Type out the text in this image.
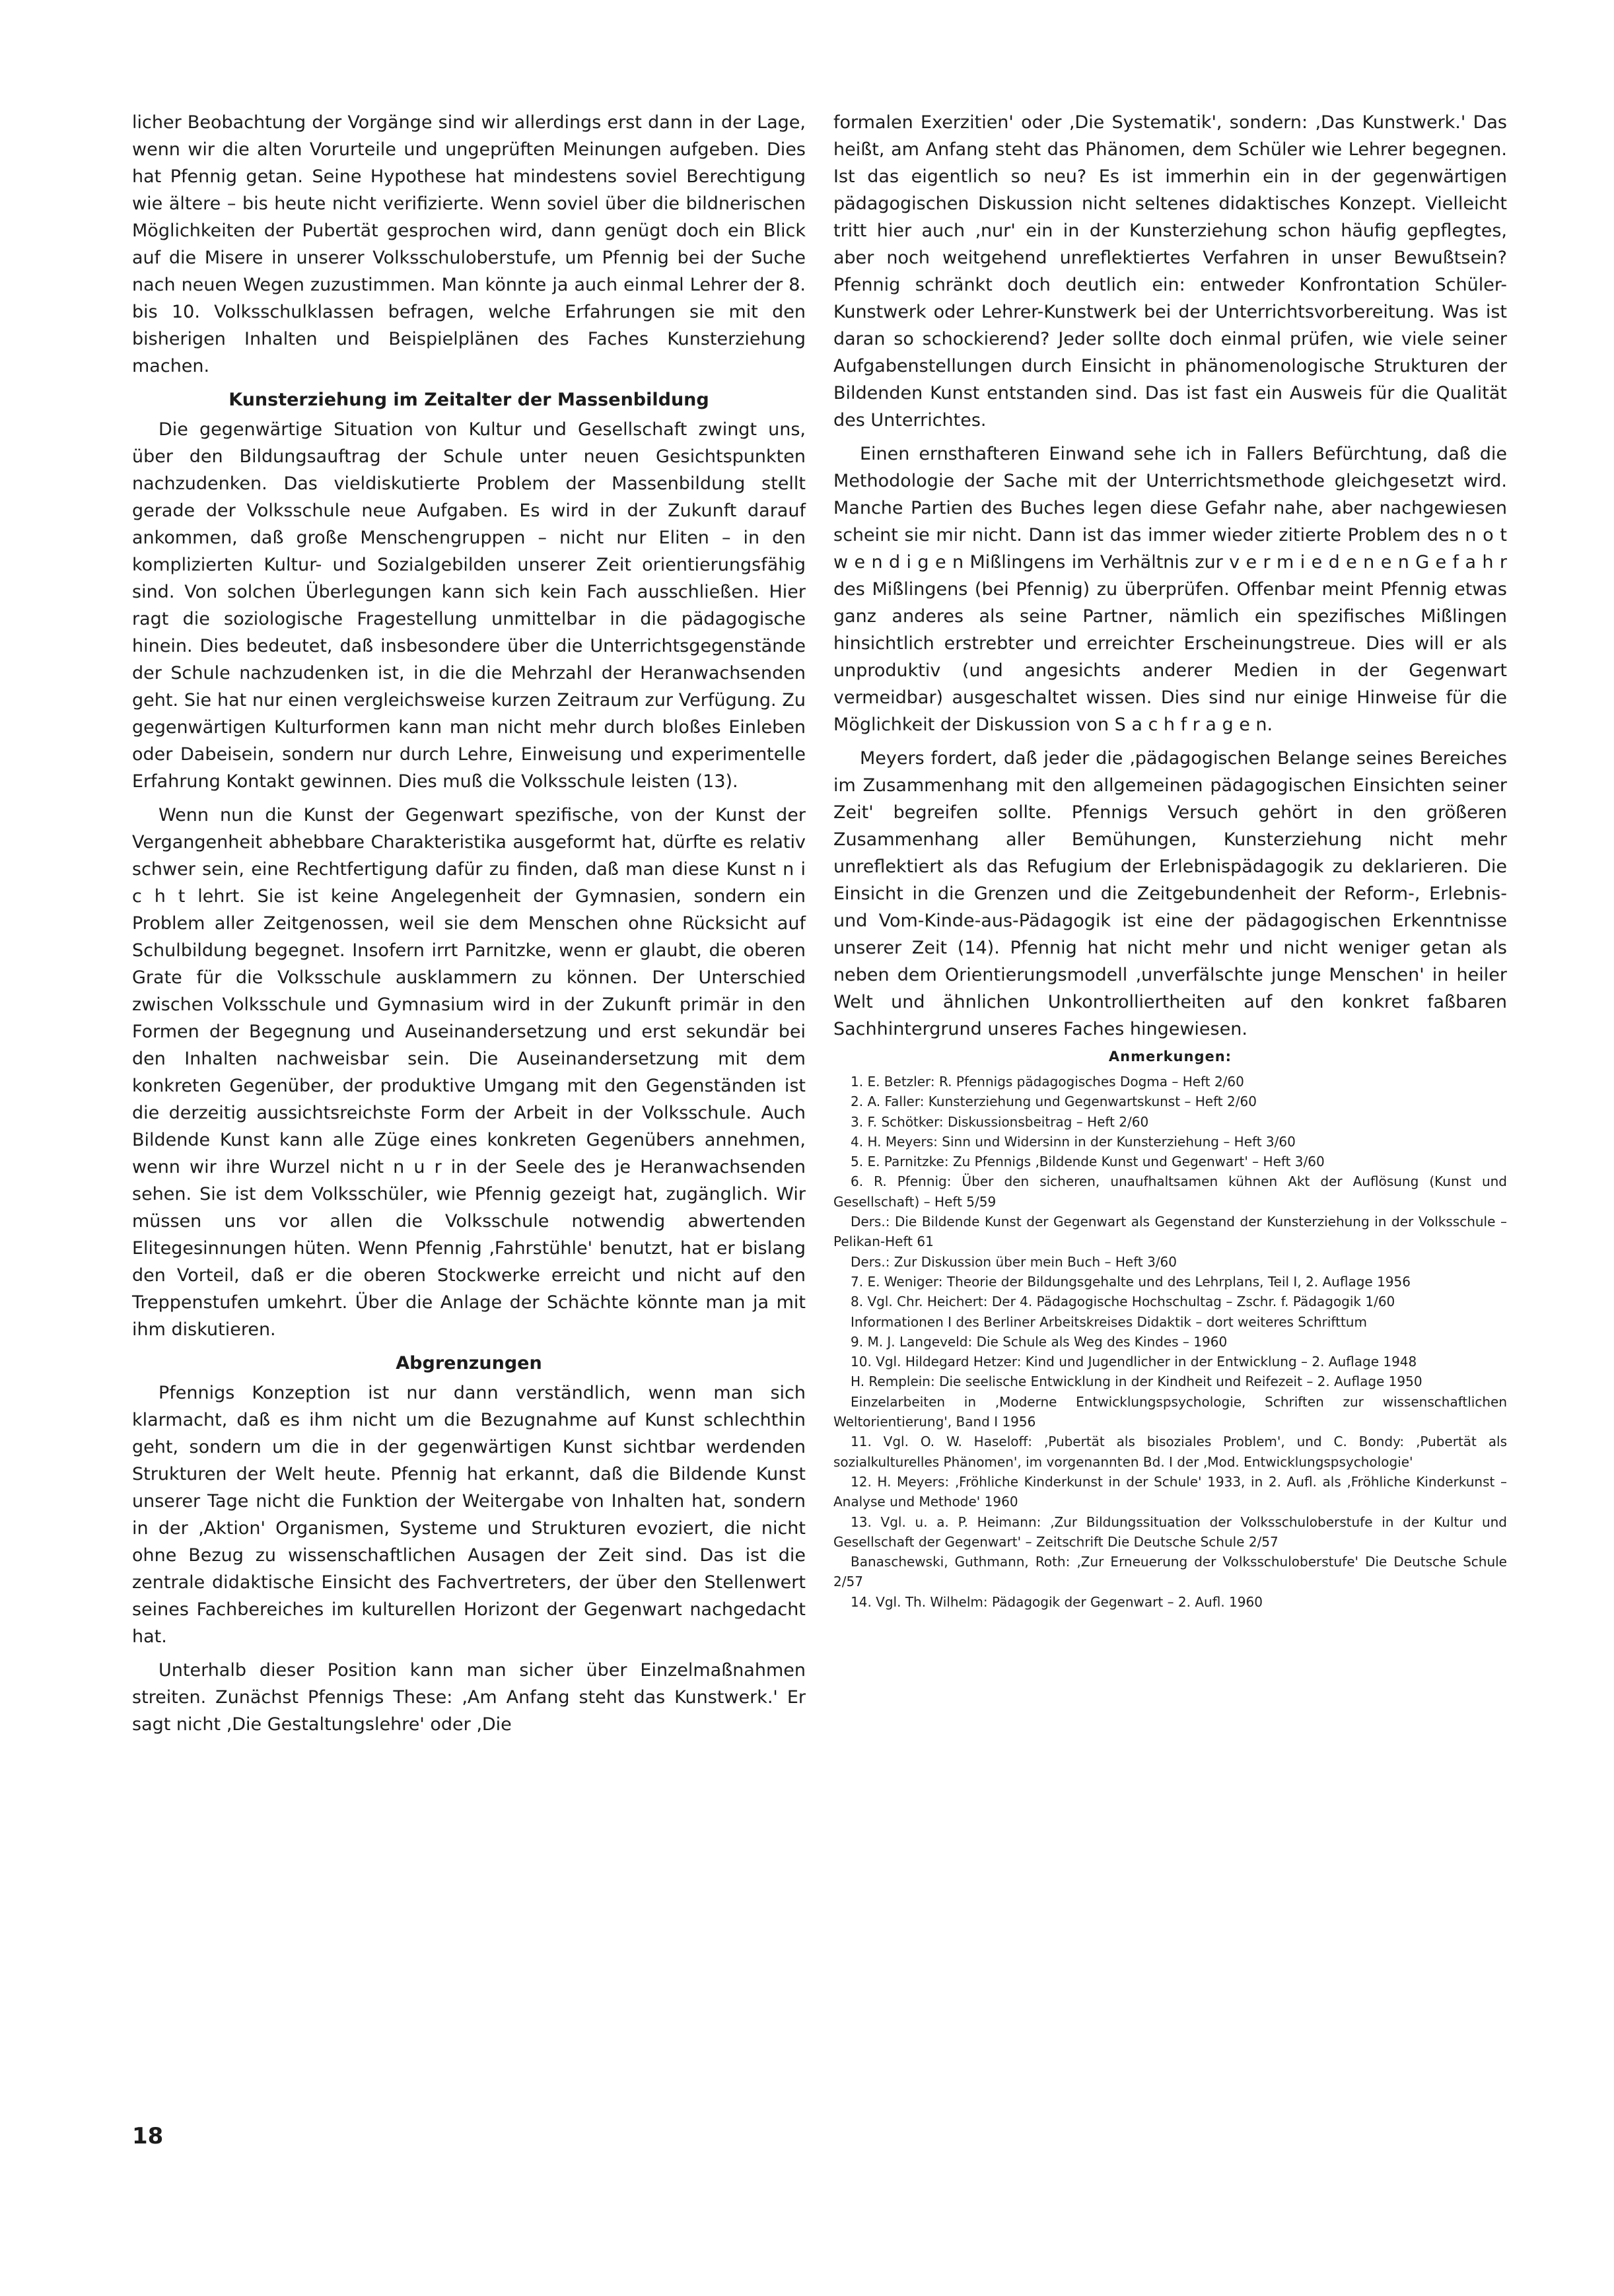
licher Beobachtung der Vorgänge sind wir allerdings erst dann in der Lage, wenn wir die alten Vorurteile und ungeprüften Meinungen aufgeben. Dies hat Pfennig getan. Seine Hypothese hat mindestens soviel Berechtigung wie ältere – bis heute nicht verifizierte. Wenn soviel über die bildnerischen Möglichkeiten der Pubertät gesprochen wird, dann genügt doch ein Blick auf die Misere in unserer Volksschuloberstufe, um Pfennig bei der Suche nach neuen Wegen zuzustimmen. Man könnte ja auch einmal Lehrer der 8. bis 10. Volksschulklassen befragen, welche Erfahrungen sie mit den bisherigen Inhalten und Beispielplänen des Faches Kunsterziehung machen.

Kunsterziehung im Zeitalter der Massenbildung

Die gegenwärtige Situation von Kultur und Gesellschaft zwingt uns, über den Bildungsauftrag der Schule unter neuen Gesichtspunkten nachzudenken. Das vieldiskutierte Problem der Massenbildung stellt gerade der Volksschule neue Aufgaben. Es wird in der Zukunft darauf ankommen, daß große Menschengruppen – nicht nur Eliten – in den komplizierten Kultur- und Sozialgebilden unserer Zeit orientierungsfähig sind. Von solchen Überlegungen kann sich kein Fach ausschließen. Hier ragt die soziologische Fragestellung unmittelbar in die pädagogische hinein. Dies bedeutet, daß insbesondere über die Unterrichtsgegenstände der Schule nachzudenken ist, in die die Mehrzahl der Heranwachsenden geht. Sie hat nur einen vergleichsweise kurzen Zeitraum zur Verfügung. Zu gegenwärtigen Kulturformen kann man nicht mehr durch bloßes Einleben oder Dabeisein, sondern nur durch Lehre, Einweisung und experimentelle Erfahrung Kontakt gewinnen. Dies muß die Volksschule leisten (13).

Wenn nun die Kunst der Gegenwart spezifische, von der Kunst der Vergangenheit abhebbare Charakteristika ausgeformt hat, dürfte es relativ schwer sein, eine Rechtfertigung dafür zu finden, daß man diese Kunst n i c h t lehrt. Sie ist keine Angelegenheit der Gymnasien, sondern ein Problem aller Zeitgenossen, weil sie dem Menschen ohne Rücksicht auf Schulbildung begegnet. Insofern irrt Parnitzke, wenn er glaubt, die oberen Grate für die Volksschule ausklammern zu können. Der Unterschied zwischen Volksschule und Gymnasium wird in der Zukunft primär in den Formen der Begegnung und Auseinandersetzung und erst sekundär bei den Inhalten nachweisbar sein. Die Auseinandersetzung mit dem konkreten Gegenüber, der produktive Umgang mit den Gegenständen ist die derzeitig aussichtsreichste Form der Arbeit in der Volksschule. Auch Bildende Kunst kann alle Züge eines konkreten Gegenübers annehmen, wenn wir ihre Wurzel nicht n u r in der Seele des je Heranwachsenden sehen. Sie ist dem Volksschüler, wie Pfennig gezeigt hat, zugänglich. Wir müssen uns vor allen die Volksschule notwendig abwertenden Elitegesinnungen hüten. Wenn Pfennig ‚Fahrstühle' benutzt, hat er bislang den Vorteil, daß er die oberen Stockwerke erreicht und nicht auf den Treppenstufen umkehrt. Über die Anlage der Schächte könnte man ja mit ihm diskutieren.

Abgrenzungen

Pfennigs Konzeption ist nur dann verständlich, wenn man sich klarmacht, daß es ihm nicht um die Bezugnahme auf Kunst schlechthin geht, sondern um die in der gegenwärtigen Kunst sichtbar werdenden Strukturen der Welt heute. Pfennig hat erkannt, daß die Bildende Kunst unserer Tage nicht die Funktion der Weitergabe von Inhalten hat, sondern in der ‚Aktion' Organismen, Systeme und Strukturen evoziert, die nicht ohne Bezug zu wissenschaftlichen Ausagen der Zeit sind. Das ist die zentrale didaktische Einsicht des Fachvertreters, der über den Stellenwert seines Fachbereiches im kulturellen Horizont der Gegenwart nachgedacht hat.

Unterhalb dieser Position kann man sicher über Einzelmaßnahmen streiten. Zunächst Pfennigs These: ‚Am Anfang steht das Kunstwerk.' Er sagt nicht ‚Die Gestaltungslehre' oder ‚Die

formalen Exerzitien' oder ‚Die Systematik', sondern: ‚Das Kunstwerk.' Das heißt, am Anfang steht das Phänomen, dem Schüler wie Lehrer begegnen. Ist das eigentlich so neu? Es ist immerhin ein in der gegenwärtigen pädagogischen Diskussion nicht seltenes didaktisches Konzept. Vielleicht tritt hier auch ‚nur' ein in der Kunsterziehung schon häufig gepflegtes, aber noch weitgehend unreflektiertes Verfahren in unser Bewußtsein? Pfennig schränkt doch deutlich ein: entweder Konfrontation Schüler-Kunstwerk oder Lehrer-Kunstwerk bei der Unterrichtsvorbereitung. Was ist daran so schockierend? Jeder sollte doch einmal prüfen, wie viele seiner Aufgabenstellungen durch Einsicht in phänomenologische Strukturen der Bildenden Kunst entstanden sind. Das ist fast ein Ausweis für die Qualität des Unterrichtes.

Einen ernsthafteren Einwand sehe ich in Fallers Befürchtung, daß die Methodologie der Sache mit der Unterrichtsmethode gleichgesetzt wird. Manche Partien des Buches legen diese Gefahr nahe, aber nachgewiesen scheint sie mir nicht. Dann ist das immer wieder zitierte Problem des n o t w e n d i g e n Mißlingens im Verhältnis zur v e r m i e d e n e n G e f a h r des Mißlingens (bei Pfennig) zu überprüfen. Offenbar meint Pfennig etwas ganz anderes als seine Partner, nämlich ein spezifisches Mißlingen hinsichtlich erstrebter und erreichter Erscheinungstreue. Dies will er als unproduktiv (und angesichts anderer Medien in der Gegenwart vermeidbar) ausgeschaltet wissen. Dies sind nur einige Hinweise für die Möglichkeit der Diskussion von S a c h f r a g e n.

Meyers fordert, daß jeder die ‚pädagogischen Belange seines Bereiches im Zusammenhang mit den allgemeinen pädagogischen Einsichten seiner Zeit' begreifen sollte. Pfennigs Versuch gehört in den größeren Zusammenhang aller Bemühungen, Kunsterziehung nicht mehr unreflektiert als das Refugium der Erlebnispädagogik zu deklarieren. Die Einsicht in die Grenzen und die Zeitgebundenheit der Reform-, Erlebnis- und Vom-Kinde-aus-Pädagogik ist eine der pädagogischen Erkenntnisse unserer Zeit (14). Pfennig hat nicht mehr und nicht weniger getan als neben dem Orientierungsmodell ‚unverfälschte junge Menschen' in heiler Welt und ähnlichen Unkontrolliertheiten auf den konkret faßbaren Sachhintergrund unseres Faches hingewiesen.

Anmerkungen:
1. E. Betzler: R. Pfennigs pädagogisches Dogma – Heft 2/60
2. A. Faller: Kunsterziehung und Gegenwartskunst – Heft 2/60
3. F. Schötker: Diskussionsbeitrag – Heft 2/60
4. H. Meyers: Sinn und Widersinn in der Kunsterziehung – Heft 3/60
5. E. Parnitzke: Zu Pfennigs ‚Bildende Kunst und Gegenwart' – Heft 3/60
6. R. Pfennig: Über den sicheren, unaufhaltsamen kühnen Akt der Auflösung (Kunst und Gesellschaft) – Heft 5/59
Ders.: Die Bildende Kunst der Gegenwart als Gegenstand der Kunsterziehung in der Volksschule – Pelikan-Heft 61
Ders.: Zur Diskussion über mein Buch – Heft 3/60
7. E. Weniger: Theorie der Bildungsgehalte und des Lehrplans, Teil I, 2. Auflage 1956
8. Vgl. Chr. Heichert: Der 4. Pädagogische Hochschultag – Zschr. f. Pädagogik 1/60
Informationen I des Berliner Arbeitskreises Didaktik – dort weiteres Schrifttum
9. M. J. Langeveld: Die Schule als Weg des Kindes – 1960
10. Vgl. Hildegard Hetzer: Kind und Jugendlicher in der Entwicklung – 2. Auflage 1948
H. Remplein: Die seelische Entwicklung in der Kindheit und Reifezeit – 2. Auflage 1950
Einzelarbeiten in ‚Moderne Entwicklungspsychologie, Schriften zur wissenschaftlichen Weltorientierung', Band I 1956
11. Vgl. O. W. Haseloff: ‚Pubertät als bisoziales Problem', und C. Bondy: ‚Pubertät als sozialkulturelles Phänomen', im vorgenannten Bd. I der ‚Mod. Entwicklungspsychologie'
12. H. Meyers: ‚Fröhliche Kinderkunst in der Schule' 1933, in 2. Aufl. als ‚Fröhliche Kinderkunst – Analyse und Methode' 1960
13. Vgl. u. a. P. Heimann: ‚Zur Bildungssituation der Volksschuloberstufe in der Kultur und Gesellschaft der Gegenwart' – Zeitschrift Die Deutsche Schule 2/57
Banaschewski, Guthmann, Roth: ‚Zur Erneuerung der Volksschuloberstufe' Die Deutsche Schule 2/57
14. Vgl. Th. Wilhelm: Pädagogik der Gegenwart – 2. Aufl. 1960
18
